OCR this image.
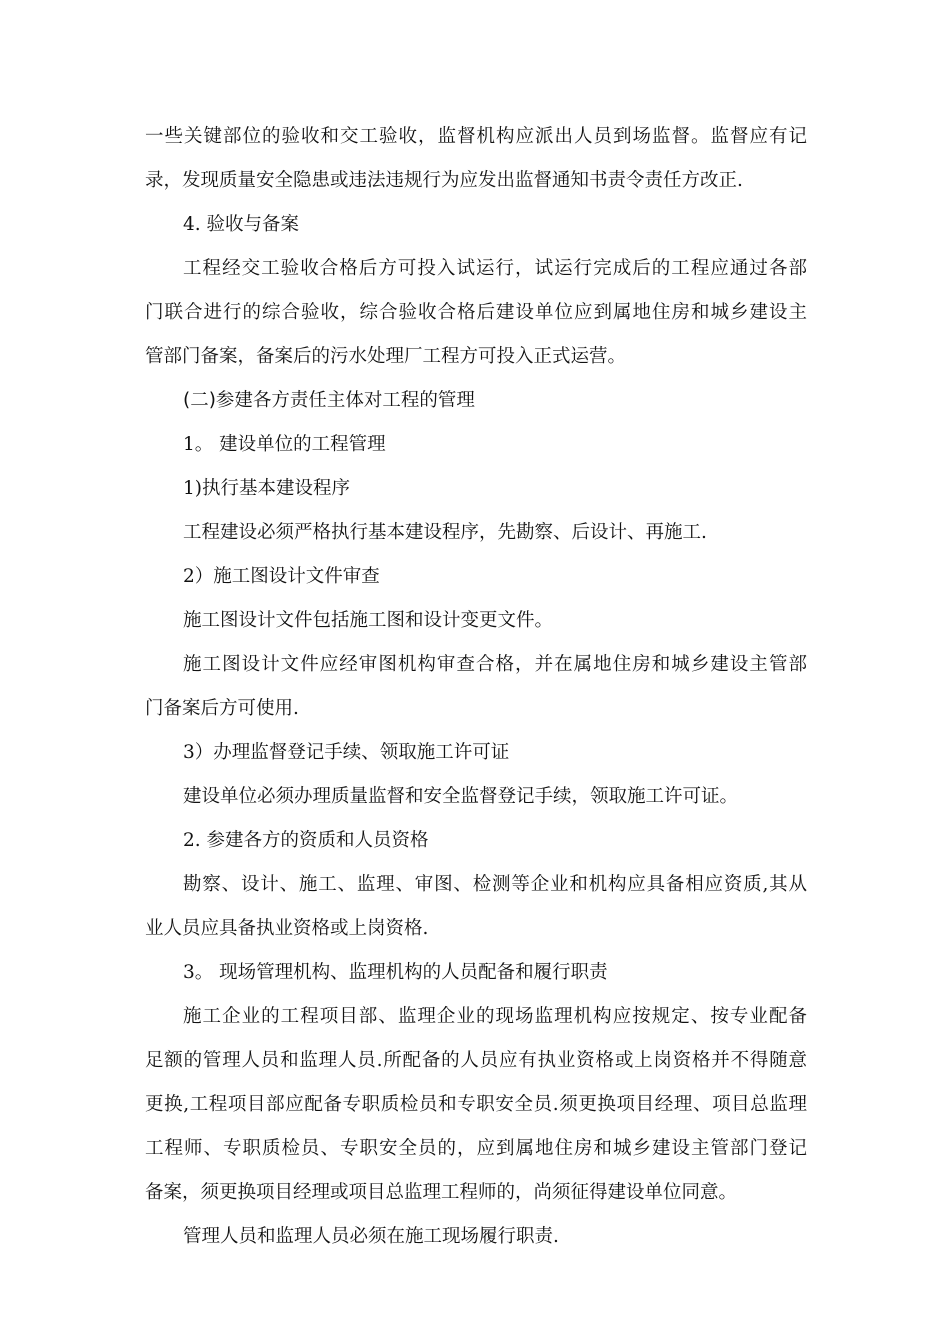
一些关键部位的验收和交工验收，监督机构应派出人员到场监督。监督应有记
录，发现质量安全隐患或违法违规行为应发出监督通知书责令责任方改正.
4. 验收与备案
工程经交工验收合格后方可投入试运行，试运行完成后的工程应通过各部
门联合进行的综合验收，综合验收合格后建设单位应到属地住房和城乡建设主
管部门备案，备案后的污水处理厂工程方可投入正式运营。
(二)参建各方责任主体对工程的管理
1。 建设单位的工程管理
1)执行基本建设程序
工程建设必须严格执行基本建设程序，先勘察、后设计、再施工.
2）施工图设计文件审查
施工图设计文件包括施工图和设计变更文件。
施工图设计文件应经审图机构审查合格，并在属地住房和城乡建设主管部
门备案后方可使用.
3）办理监督登记手续、领取施工许可证
建设单位必须办理质量监督和安全监督登记手续，领取施工许可证。
2. 参建各方的资质和人员资格
勘察、设计、施工、监理、审图、检测等企业和机构应具备相应资质,其从
业人员应具备执业资格或上岗资格.
3。 现场管理机构、监理机构的人员配备和履行职责
施工企业的工程项目部、监理企业的现场监理机构应按规定、按专业配备
足额的管理人员和监理人员.所配备的人员应有执业资格或上岗资格并不得随意
更换,工程项目部应配备专职质检员和专职安全员.须更换项目经理、项目总监理
工程师、专职质检员、专职安全员的，应到属地住房和城乡建设主管部门登记
备案，须更换项目经理或项目总监理工程师的，尚须征得建设单位同意。
管理人员和监理人员必须在施工现场履行职责.
